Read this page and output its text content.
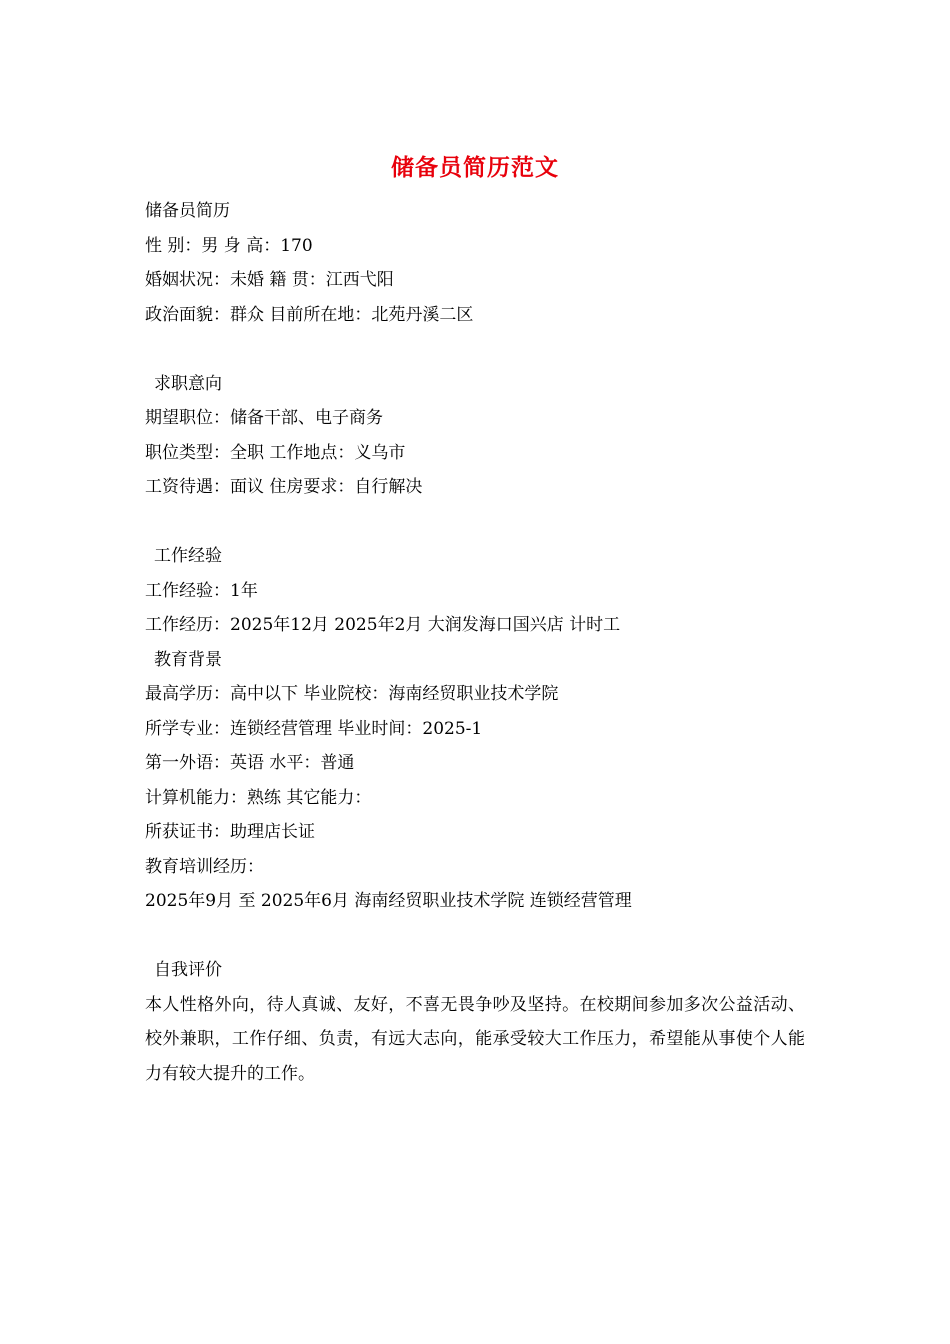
储备员简历范文
储备员简历
性 别：男 身 高：170
婚姻状况：未婚 籍 贯：江西弋阳
政治面貌：群众 目前所在地：北苑丹溪二区
求职意向
期望职位：储备干部、电子商务
职位类型：全职 工作地点：义乌市
工资待遇：面议 住房要求：自行解决
工作经验
工作经验：1年
工作经历：2025年12月 2025年2月 大润发海口国兴店 计时工
教育背景
最高学历：高中以下 毕业院校：海南经贸职业技术学院
所学专业：连锁经营管理 毕业时间：2025-1
第一外语：英语 水平：普通
计算机能力：熟练 其它能力：
所获证书：助理店长证
教育培训经历：
2025年9月 至 2025年6月 海南经贸职业技术学院 连锁经营管理
自我评价
本人性格外向，待人真诚、友好，不喜无畏争吵及坚持。在校期间参加多次公益活动、校外兼职，工作仔细、负责，有远大志向，能承受较大工作压力，希望能从事使个人能力有较大提升的工作。
